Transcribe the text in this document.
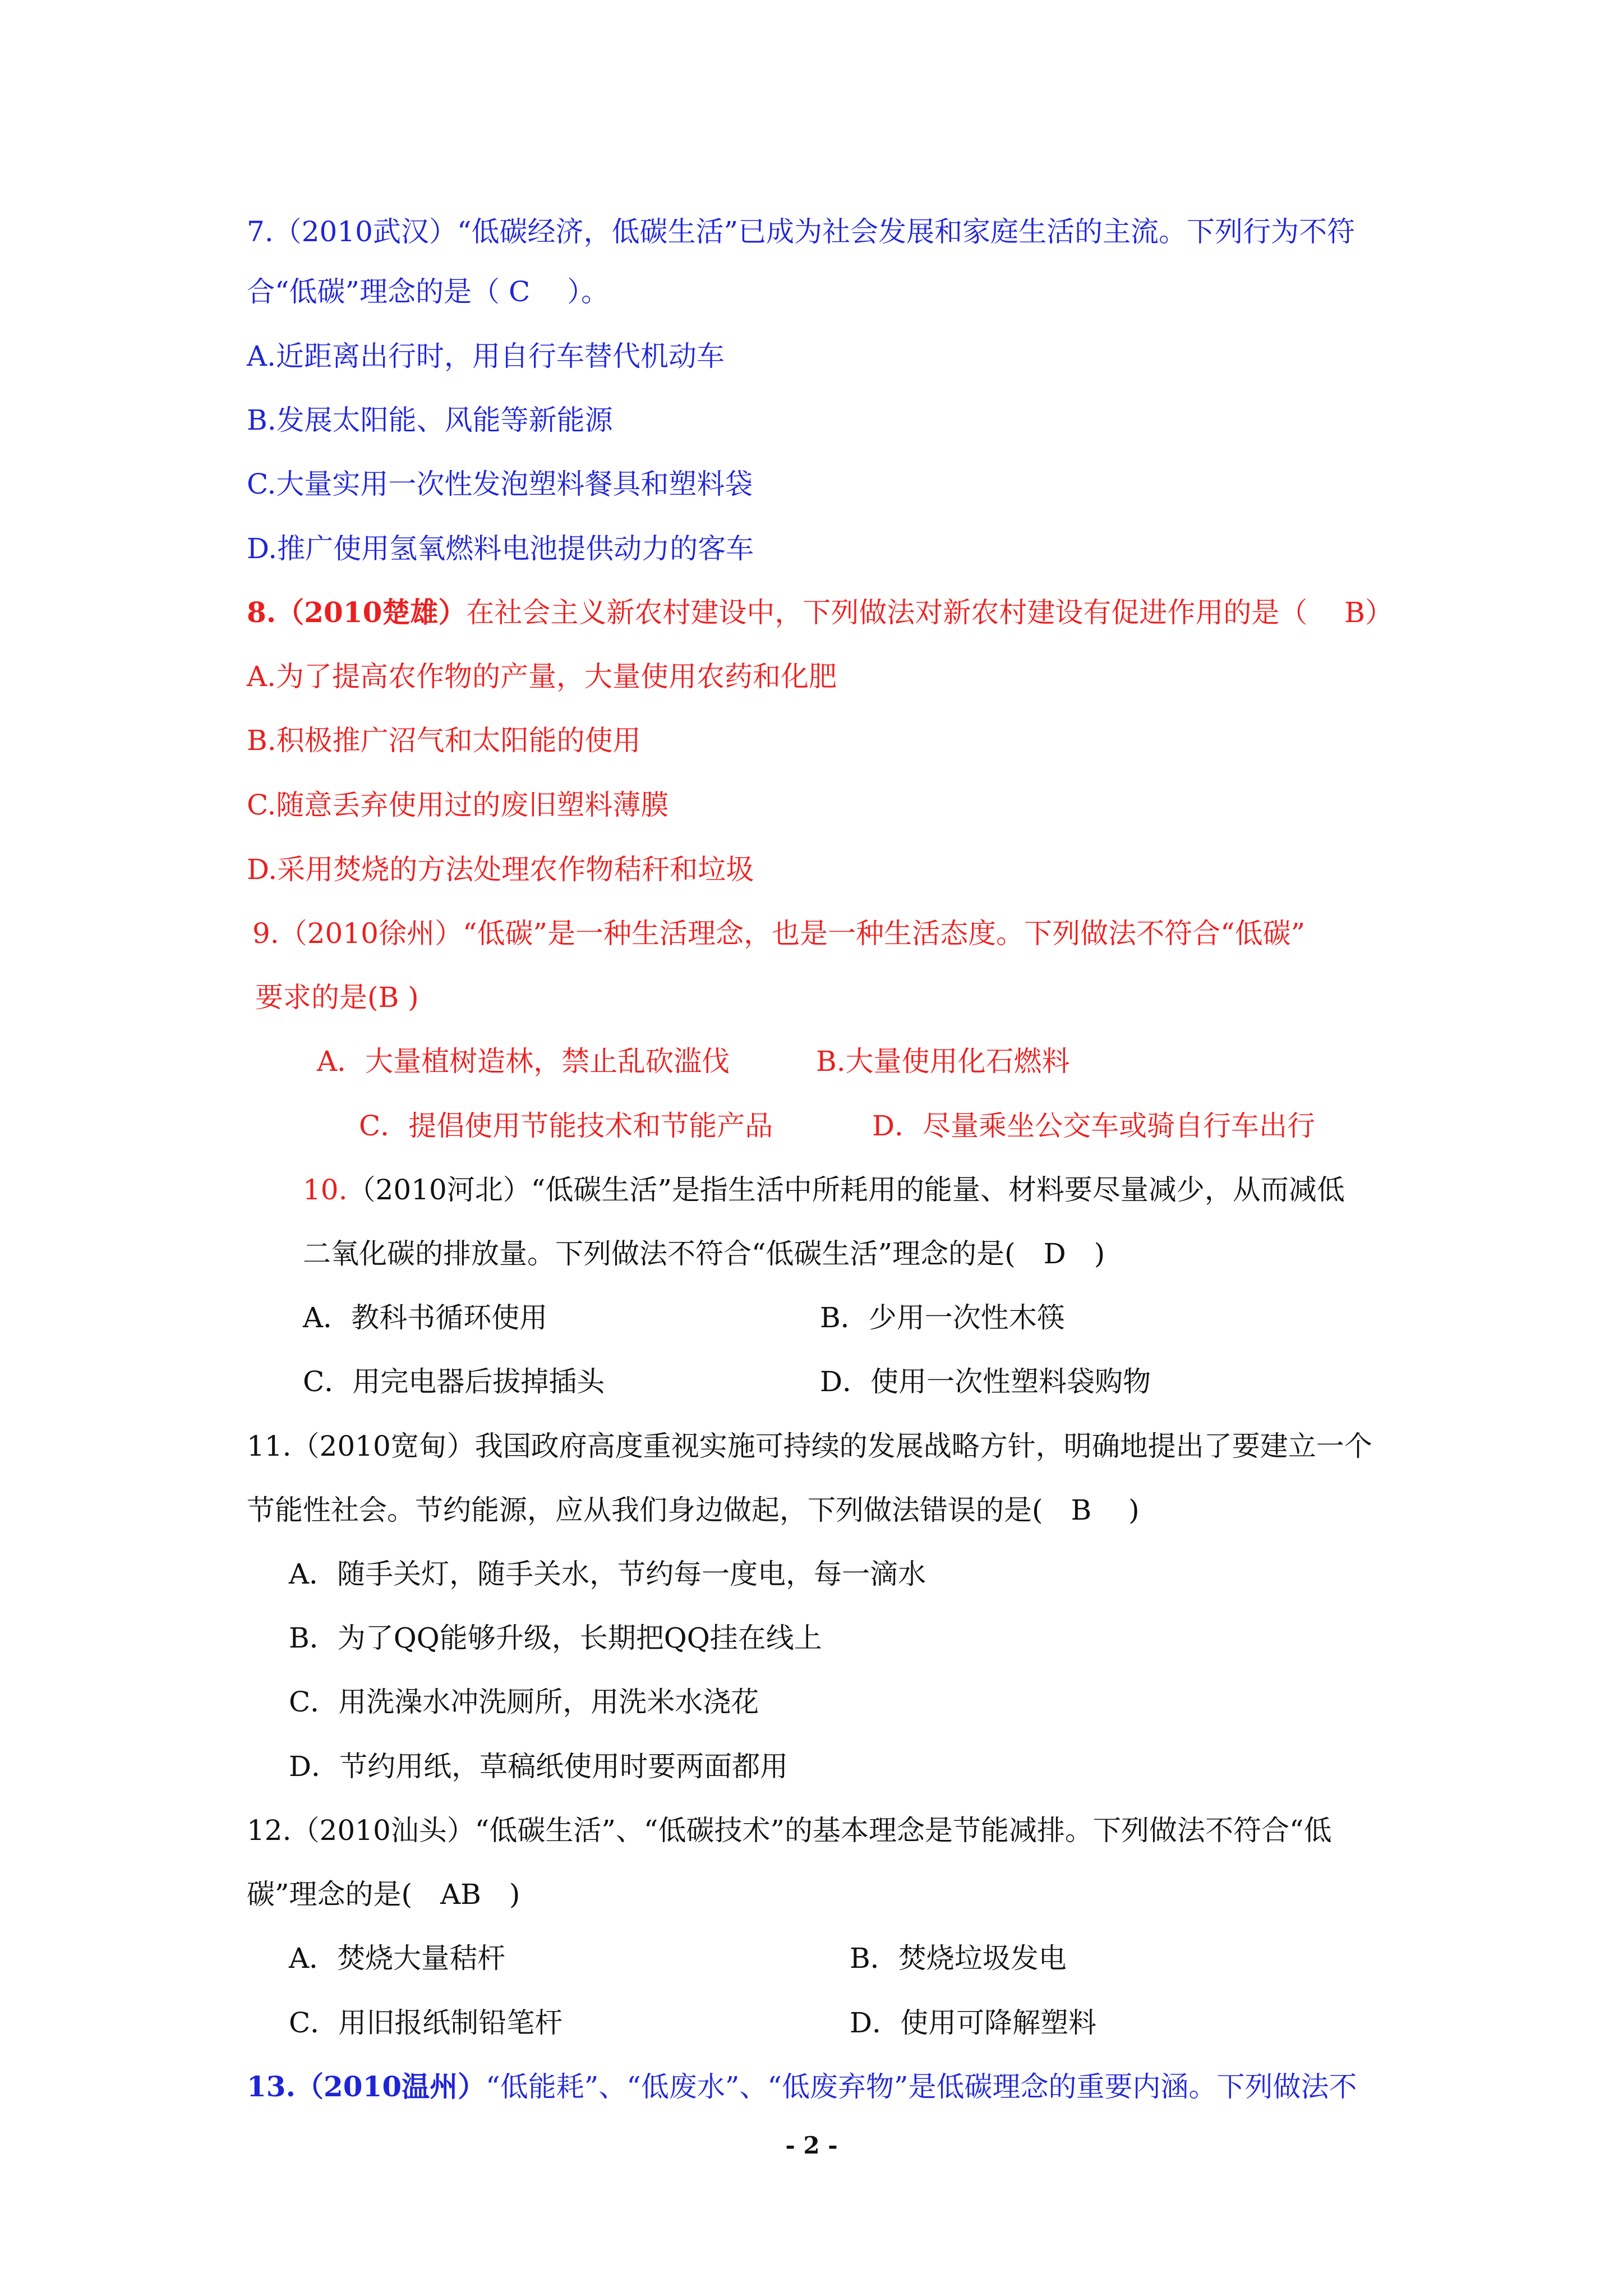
7.（2010武汉）“低碳经济，低碳生活”已成为社会发展和家庭生活的主流。下列行为不符
合“低碳”理念的是（ C　 ）。
A.近距离出行时，用自行车替代机动车
B.发展太阳能、风能等新能源
C.大量实用一次性发泡塑料餐具和塑料袋
D.推广使用氢氧燃料电池提供动力的客车
8.（2010楚雄）在社会主义新农村建设中，下列做法对新农村建设有促进作用的是（　 B）
A.为了提高农作物的产量，大量使用农药和化肥
B.积极推广沼气和太阳能的使用
C.随意丢弃使用过的废旧塑料薄膜
D.采用焚烧的方法处理农作物秸秆和垃圾
9.（2010徐州）“低碳”是一种生活理念，也是一种生活态度。下列做法不符合“低碳”
要求的是(B )
A．大量植树造林，禁止乱砍滥伐	B.大量使用化石燃料
C．提倡使用节能技术和节能产品	D．尽量乘坐公交车或骑自行车出行
10.（2010河北）“低碳生活”是指生活中所耗用的能量、材料要尽量减少，从而减低
二氧化碳的排放量。下列做法不符合“低碳生活”理念的是(　D　)
A．教科书循环使用	B．少用一次性木筷
C．用完电器后拔掉插头	D．使用一次性塑料袋购物
11.（2010宽甸）我国政府高度重视实施可持续的发展战略方针，明确地提出了要建立一个
节能性社会。节约能源，应从我们身边做起，下列做法错误的是(　B　 )
A．随手关灯，随手关水，节约每一度电，每一滴水
B．为了QQ能够升级，长期把QQ挂在线上
C．用洗澡水冲洗厕所，用洗米水浇花
D．节约用纸，草稿纸使用时要两面都用
12.（2010汕头）“低碳生活”、“低碳技术”的基本理念是节能减排。下列做法不符合“低
碳”理念的是(　AB　)
A．焚烧大量秸杆	B．焚烧垃圾发电
C．用旧报纸制铅笔杆	D．使用可降解塑料
13.（2010温州）“低能耗”、“低废水”、“低废弃物”是低碳理念的重要内涵。下列做法不
- 2 -
